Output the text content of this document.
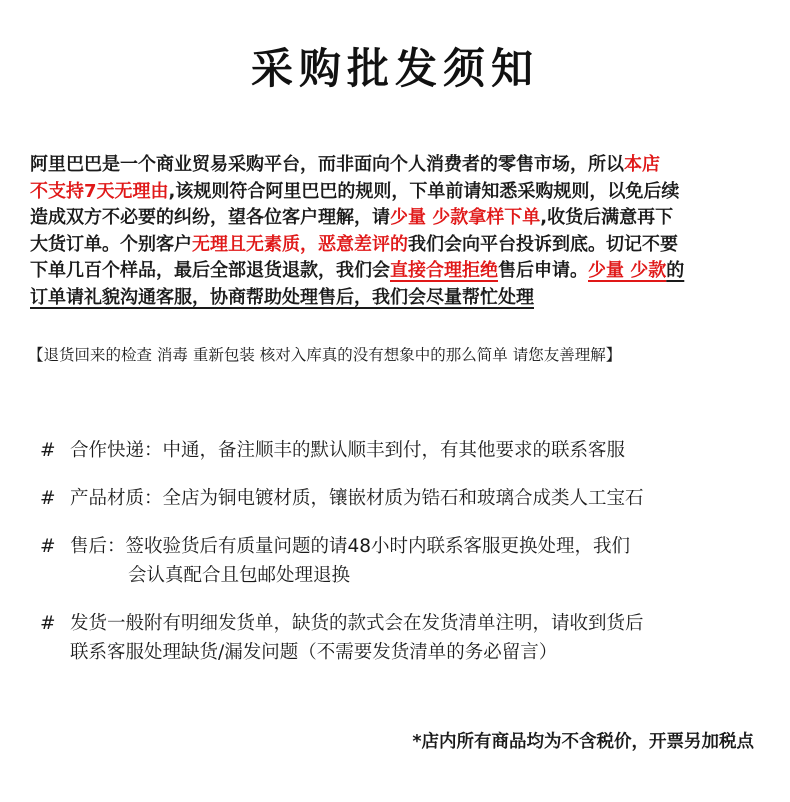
采购批发须知
阿里巴巴是一个商业贸易采购平台，而非面向个人消费者的零售市场，所以本店
不支持7天无理由,该规则符合阿里巴巴的规则，下单前请知悉采购规则，以免后续
造成双方不必要的纠纷，望各位客户理解，请少量 少款拿样下单,收货后满意再下
大货订单。个别客户无理且无素质，恶意差评的我们会向平台投诉到底。切记不要
下单几百个样品，最后全部退货退款，我们会直接合理拒绝售后申请。少量 少款的
订单请礼貌沟通客服，协商帮助处理售后，我们会尽量帮忙处理
【退货回来的检查 消毒 重新包装 核对入库真的没有想象中的那么简单 请您友善理解】
# 合作快递：中通，备注顺丰的默认顺丰到付，有其他要求的联系客服
# 产品材质：全店为铜电镀材质，镶嵌材质为锆石和玻璃合成类人工宝石
# 售后：签收验货后有质量问题的请48小时内联系客服更换处理，我们
会认真配合且包邮处理退换
# 发货一般附有明细发货单，缺货的款式会在发货清单注明，请收到货后
联系客服处理缺货/漏发问题（不需要发货清单的务必留言）
*店内所有商品均为不含税价，开票另加税点
